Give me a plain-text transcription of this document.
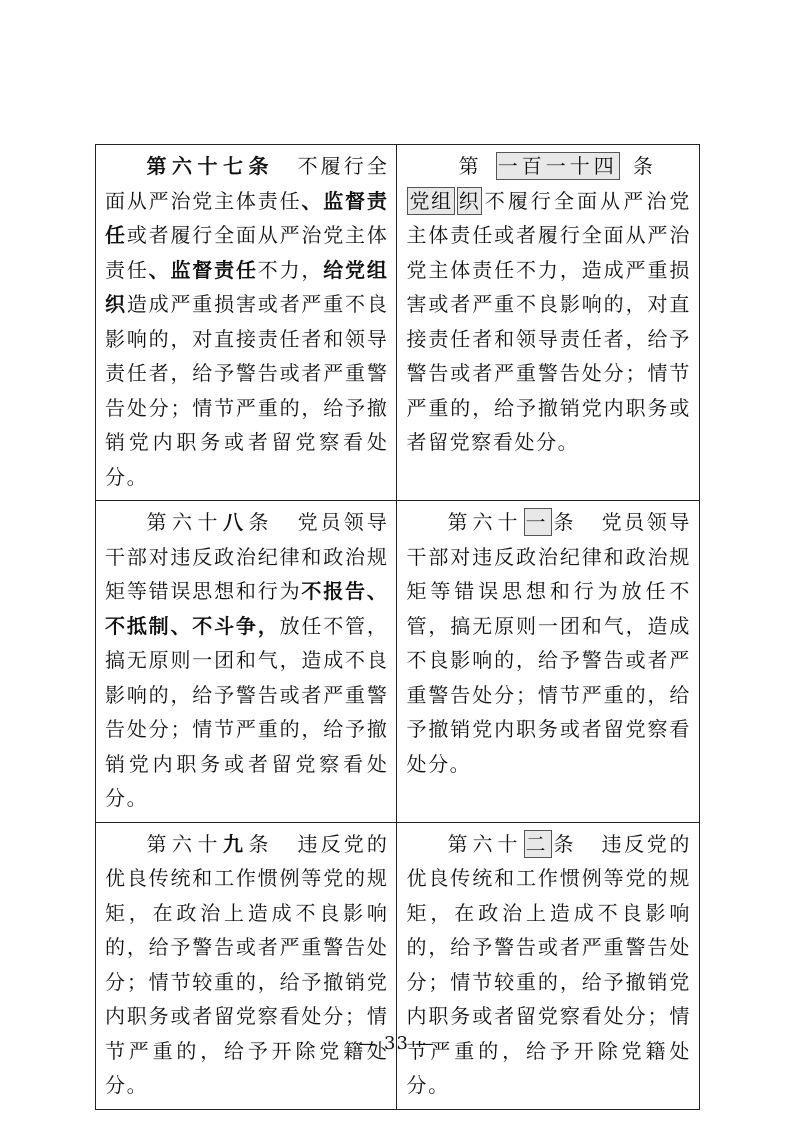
第六十七条 不履行全面从严治党主体责任、监督责任或者履行全面从严治党主体责任、监督责任不力，给党组织造成严重损害或者严重不良影响的，对直接责任者和领导责任者，给予警告或者严重警告处分；情节严重的，给予撤销党内职务或者留党察看处分。	第 一百一十四 条党组 织 不履行全面从严治党主体责任或者履行全面从严治党主体责任不力，造成严重损害或者严重不良影响的，对直接责任者和领导责任者，给予警告或者严重警告处分；情节严重的，给予撤销党内职务或者留党察看处分。
第六十八条 党员领导干部对违反政治纪律和政治规矩等错误思想和行为不报告、不抵制、不斗争，放任不管，搞无原则一团和气，造成不良影响的，给予警告或者严重警告处分；情节严重的，给予撤销党内职务或者留党察看处分。	第六十 一 条 党员领导干部对违反政治纪律和政治规矩等错误思想和行为放任不管，搞无原则一团和气，造成不良影响的，给予警告或者严重警告处分；情节严重的，给予撤销党内职务或者留党察看处分。
第六十九条 违反党的优良传统和工作惯例等党的规矩，在政治上造成不良影响的，给予警告或者严重警告处分；情节较重的，给予撤销党内职务或者留党察看处分；情节严重的，给予开除党籍处分。	第六十 二 条 违反党的优良传统和工作惯例等党的规矩，在政治上造成不良影响的，给予警告或者严重警告处分；情节较重的，给予撤销党内职务或者留党察看处分；情节严重的，给予开除党籍处分。
— 33 —
